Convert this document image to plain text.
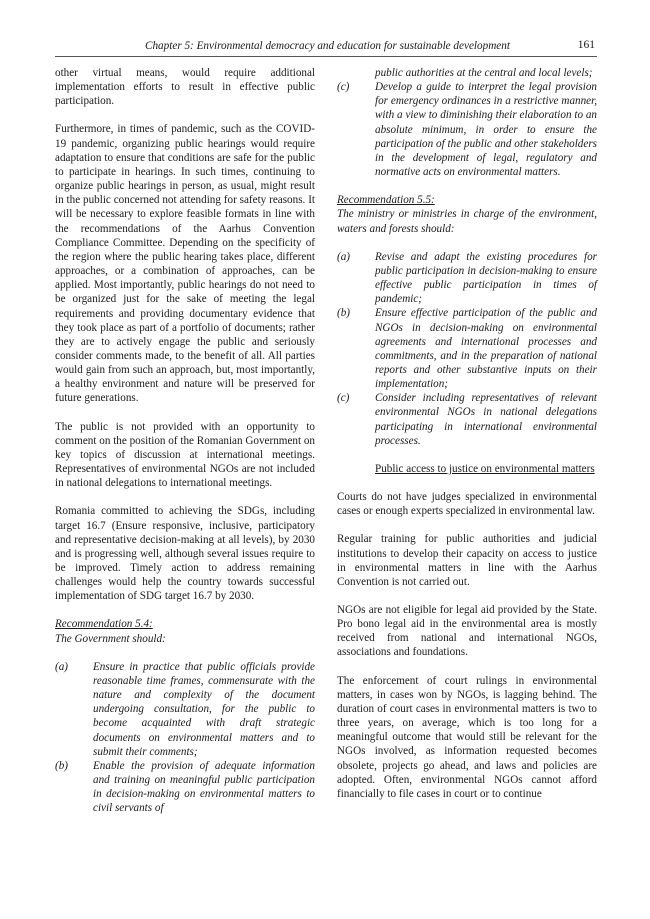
Chapter 5: Environmental democracy and education for sustainable development	161

other virtual means, would require additional implementation efforts to result in effective public participation.

Furthermore, in times of pandemic, such as the COVID-19 pandemic, organizing public hearings would require adaptation to ensure that conditions are safe for the public to participate in hearings. In such times, continuing to organize public hearings in person, as usual, might result in the public concerned not attending for safety reasons. It will be necessary to explore feasible formats in line with the recommendations of the Aarhus Convention Compliance Committee. Depending on the specificity of the region where the public hearing takes place, different approaches, or a combination of approaches, can be applied. Most importantly, public hearings do not need to be organized just for the sake of meeting the legal requirements and providing documentary evidence that they took place as part of a portfolio of documents; rather they are to actively engage the public and seriously consider comments made, to the benefit of all. All parties would gain from such an approach, but, most importantly, a healthy environment and nature will be preserved for future generations.

The public is not provided with an opportunity to comment on the position of the Romanian Government on key topics of discussion at international meetings. Representatives of environmental NGOs are not included in national delegations to international meetings.

Romania committed to achieving the SDGs, including target 16.7 (Ensure responsive, inclusive, participatory and representative decision-making at all levels), by 2030 and is progressing well, although several issues require to be improved. Timely action to address remaining challenges would help the country towards successful implementation of SDG target 16.7 by 2030.

Recommendation 5.4:
The Government should:
(a) Ensure in practice that public officials provide reasonable time frames, commensurate with the nature and complexity of the document undergoing consultation, for the public to become acquainted with draft strategic documents on environmental matters and to submit their comments;
(b) Enable the provision of adequate information and training on meaningful public participation in decision-making on environmental matters to civil servants of
public authorities at the central and local levels;
(c) Develop a guide to interpret the legal provision for emergency ordinances in a restrictive manner, with a view to diminishing their elaboration to an absolute minimum, in order to ensure the participation of the public and other stakeholders in the development of legal, regulatory and normative acts on environmental matters.
Recommendation 5.5:
The ministry or ministries in charge of the environment, waters and forests should:
(a) Revise and adapt the existing procedures for public participation in decision-making to ensure effective public participation in times of pandemic;
(b) Ensure effective participation of the public and NGOs in decision-making on environmental agreements and international processes and commitments, and in the preparation of national reports and other substantive inputs on their implementation;
(c) Consider including representatives of relevant environmental NGOs in national delegations participating in international environmental processes.
Public access to justice on environmental matters

Courts do not have judges specialized in environmental cases or enough experts specialized in environmental law.

Regular training for public authorities and judicial institutions to develop their capacity on access to justice in environmental matters in line with the Aarhus Convention is not carried out.

NGOs are not eligible for legal aid provided by the State. Pro bono legal aid in the environmental area is mostly received from national and international NGOs, associations and foundations.

The enforcement of court rulings in environmental matters, in cases won by NGOs, is lagging behind. The duration of court cases in environmental matters is two to three years, on average, which is too long for a meaningful outcome that would still be relevant for the NGOs involved, as information requested becomes obsolete, projects go ahead, and laws and policies are adopted. Often, environmental NGOs cannot afford financially to file cases in court or to continue
